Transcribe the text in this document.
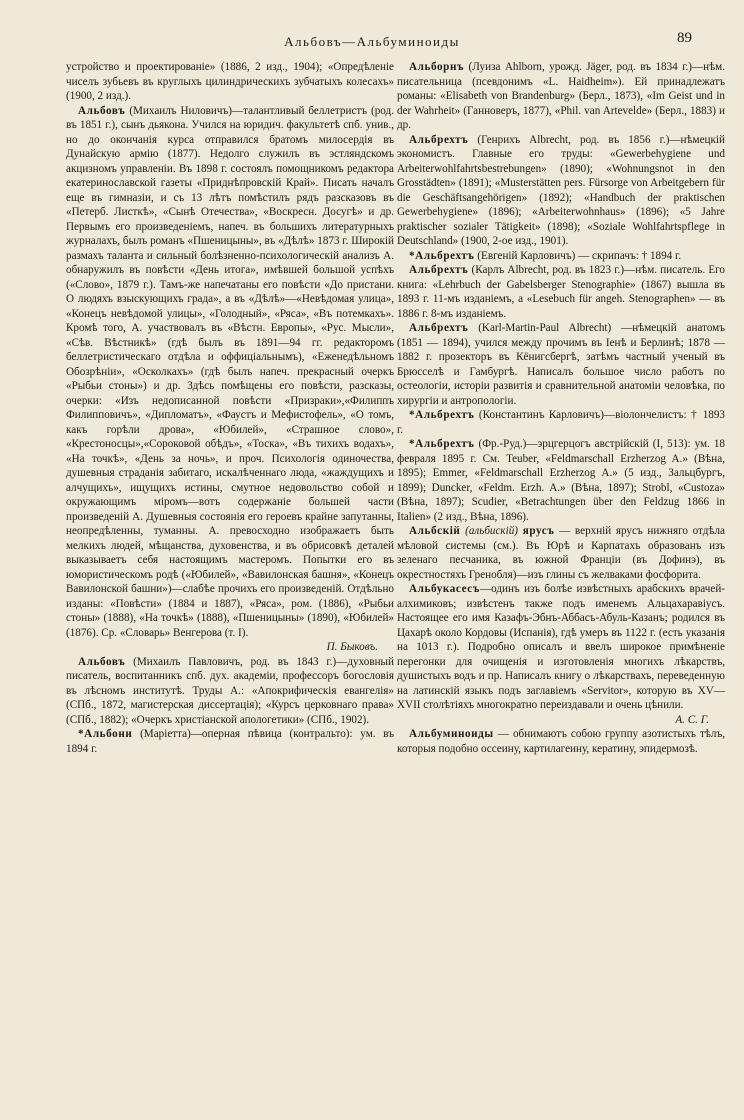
Альбовъ—Альбуминоиды	89

устройство и проектированіе» (1886, 2 изд., 1904); «Опредѣленіе чиселъ зубьевъ въ круглыхъ цилиндрическихъ зубчатыхъ колесахъ» (1900, 2 изд.).

Альбовъ (Михаилъ Ниловичъ)—талантливый беллетристъ (род. въ 1851 г.), сынъ дьякона. Учился на юридич. факультетѣ спб. унив., но до окончанія курса отправился братомъ милосердія въ Дунайскую армію (1877). Недолго служилъ въ эстляндскомъ акцизномъ управленіи. Въ 1898 г. состоялъ помощникомъ редактора екатеринославской газеты «Приднѣпровскій Край». Писать началъ еще въ гимназіи, и съ 13 лѣтъ помѣстилъ рядъ разсказовъ въ «Петерб. Листкѣ», «Сынѣ Отечества», «Воскресн. Досугѣ» и др. Первымъ его произведеніемъ, напеч. въ большихъ литературныхъ журналахъ, былъ романъ «Пшеницыны», въ «Дѣлѣ» 1873 г. Широкій размахъ таланта и сильный болѣзненно-психологическій анализъ А. обнаружилъ въ повѣсти «День итога», имѣвшей большой успѣхъ («Слово», 1879 г.). Тамъ-же напечатаны его повѣсти «До пристани. О людяхъ взыскующихъ града», а въ «Дѣлѣ»—«Невѣдомая улица», «Конецъ невѣдомой улицы», «Голодный», «Ряса», «Въ потемкахъ». Кромѣ того, А. участвовалъ въ «Вѣстн. Европы», «Рус. Мысли», «Сѣв. Вѣстникѣ» (гдѣ былъ въ 1891—94 гг. редакторомъ беллетристическаго отдѣла и оффиціальнымъ), «Еженедѣльномъ Обозрѣніи», «Осколкахъ» (гдѣ былъ напеч. прекрасный очеркъ «Рыбьи стоны») и др. Здѣсь помѣщены его повѣсти, разсказы, очерки: «Изъ недописанной повѣсти «Призраки»,«Филиппъ Филипповичъ», «Дипломатъ», «Фаустъ и Мефистофель», «О томъ, какъ горѣли дрова», «Юбилей», «Страшное слово», «Крестоносцы»,«Сороковой обѣдъ», «Тоска», «Въ тихихъ водахъ», «На точкѣ», «День за ночь», и проч. Психологія одиночества, душевныя страданія забитаго, искалѣченнаго люда, «жаждущихъ и алчущихъ», ищущихъ истины, смутное недовольство собой и окружающимъ міромъ—вотъ содержаніе большей части произведеній А. Душевныя состоянія его героевъ крайне запутанны, неопредѣленны, туманны. А. превосходно изображаетъ быть мелкихъ людей, мѣщанства, духовенства, и въ обрисовкѣ деталей выказываетъ себя настоящимъ мастеромъ. Попытки его въ юмористическомъ родѣ («Юбилей», «Вавилонская башня», «Конецъ Вавилонской башни»)—слабѣе прочихъ его произведеній. Отдѣльно изданы: «Повѣсти» (1884 и 1887), «Ряса», ром. (1886), «Рыбьи стоны» (1888), «На точкѣ» (1888), «Пшеницыны» (1890), «Юбилей» (1876). Ср. «Словарь» Венгерова (т. I).
П. Быковъ.

Альбовъ (Михаилъ Павловичъ, род. въ 1843 г.)—духовный писатель, воспитанникъ спб. дух. академіи, профессоръ богословія въ лѣсномъ институтѣ. Труды А.: «Апокрифическія евангелія» (СПб., 1872, магистерская диссертація); «Курсъ церковнаго права» (СПб., 1882); «Очеркъ христіанской апологетики» (СПб., 1902).

*Альбони (Маріетта)—оперная пѣвица (контральто): ум. въ 1894 г.

Альборнъ (Луиза Ahlborn, урожд. Jäger, род. въ 1834 г.)—нѣм. писательница (псевдонимъ «L. Haidheim»). Ей принадлежатъ романы: «Elisabeth von Brandenburg» (Берл., 1873), «Im Geist und in der Wahrheit» (Ганноверъ, 1877), «Phil. van Artevelde» (Берл., 1883) и др.

Альбрехтъ (Генрихъ Albrecht, род. въ 1856 г.)—нѣмецкій экономистъ. Главные его труды: «Gewerbehygiene und Arbeiterwohlfahrtsbestrebungen» (1890); «Wohnungsnot in den Grosstädten» (1891); «Musterstätten pers. Fürsorge von Arbeitgebern für die Geschäftsangehörigen» (1892); «Handbuch der praktischen Gewerbehygiene» (1896); «Arbeiterwohnhaus» (1896); «5 Jahre praktischer sozialer Tätigkeit» (1898); «Soziale Wohlfahrtspflege in Deutschland» (1900, 2-ое изд., 1901).

*Альбрехтъ (Евгеній Карловичъ) — скрипачъ: † 1894 г.

Альбрехтъ (Карлъ Albrecht, род. въ 1823 г.)—нѣм. писатель. Его книга: «Lehrbuch der Gabelsberger Stenographie» (1867) вышла въ 1893 г. 11-мъ изданіемъ, а «Lesebuch für angeh. Stenographen» — въ 1886 г. 8-мъ изданіемъ.

Альбрехтъ (Karl-Martin-Paul Albrecht) —нѣмецкій анатомъ (1851 — 1894), учился между прочимъ въ Іенѣ и Берлинѣ; 1878 — 1882 г. прозекторъ въ Кёнигсбергѣ, затѣмъ частный ученый въ Брюсселѣ и Гамбургѣ. Написалъ большое число работъ по остеологіи, исторіи развитія и сравнительной анатоміи человѣка, по хирургіи и антропологіи.

*Альбрехтъ (Константинъ Карловичъ)—віолончелистъ: † 1893 г.

*Альбрехтъ (Фр.-Руд.)—эрцгерцогъ австрійскій (I, 513): ум. 18 февраля 1895 г. См. Teuber, «Feldmarschall Erzherzog A.» (Вѣна, 1895); Emmer, «Feldmarschall Erzherzog A.» (5 изд., Зальцбургъ, 1899); Duncker, «Feldm. Erzh. A.» (Вѣна, 1897); Strobl, «Custoza» (Вѣна, 1897); Scudier, «Betrachtungen über den Feldzug 1866 in Italien» (2 изд., Вѣна, 1896).

Альбскій (альбискій) ярусъ — верхній ярусъ нижняго отдѣла мѣловой системы (см.). Въ Юрѣ и Карпатахъ образованъ изъ зеленаго песчаника, въ южной Франціи (въ Дофинэ), въ окрестностяхъ Гренобля)—изъ глины съ желваками фосфорита.

Альбукасесъ—одинъ изъ болѣе извѣстныхъ арабскихъ врачей-алхимиковъ; извѣстенъ также подъ именемъ Альцахаравіусъ. Настоящее его имя Казафъ-Эбнъ-Аббасъ-Абуль-Казанъ; родился въ Цахарѣ около Кордовы (Испанія), гдѣ умеръ въ 1122 г. (есть указанія на 1013 г.). Подробно описалъ и ввелъ широкое примѣненіе перегонки для очищенія и изготовленія многихъ лѣкарствъ, душистыхъ водъ и пр. Написалъ книгу о лѣкарствахъ, переведенную на латинскій языкъ подъ заглавіемъ «Servitor», которую въ XV—XVII столѣтіяхъ многократно переиздавали и очень цѣнили.
А. С. Г.

Альбуминоиды — обнимаютъ собою группу азотистыхъ тѣлъ, которыя подобно оссеину, картилагеину, кератину, эпидермозѣ.
